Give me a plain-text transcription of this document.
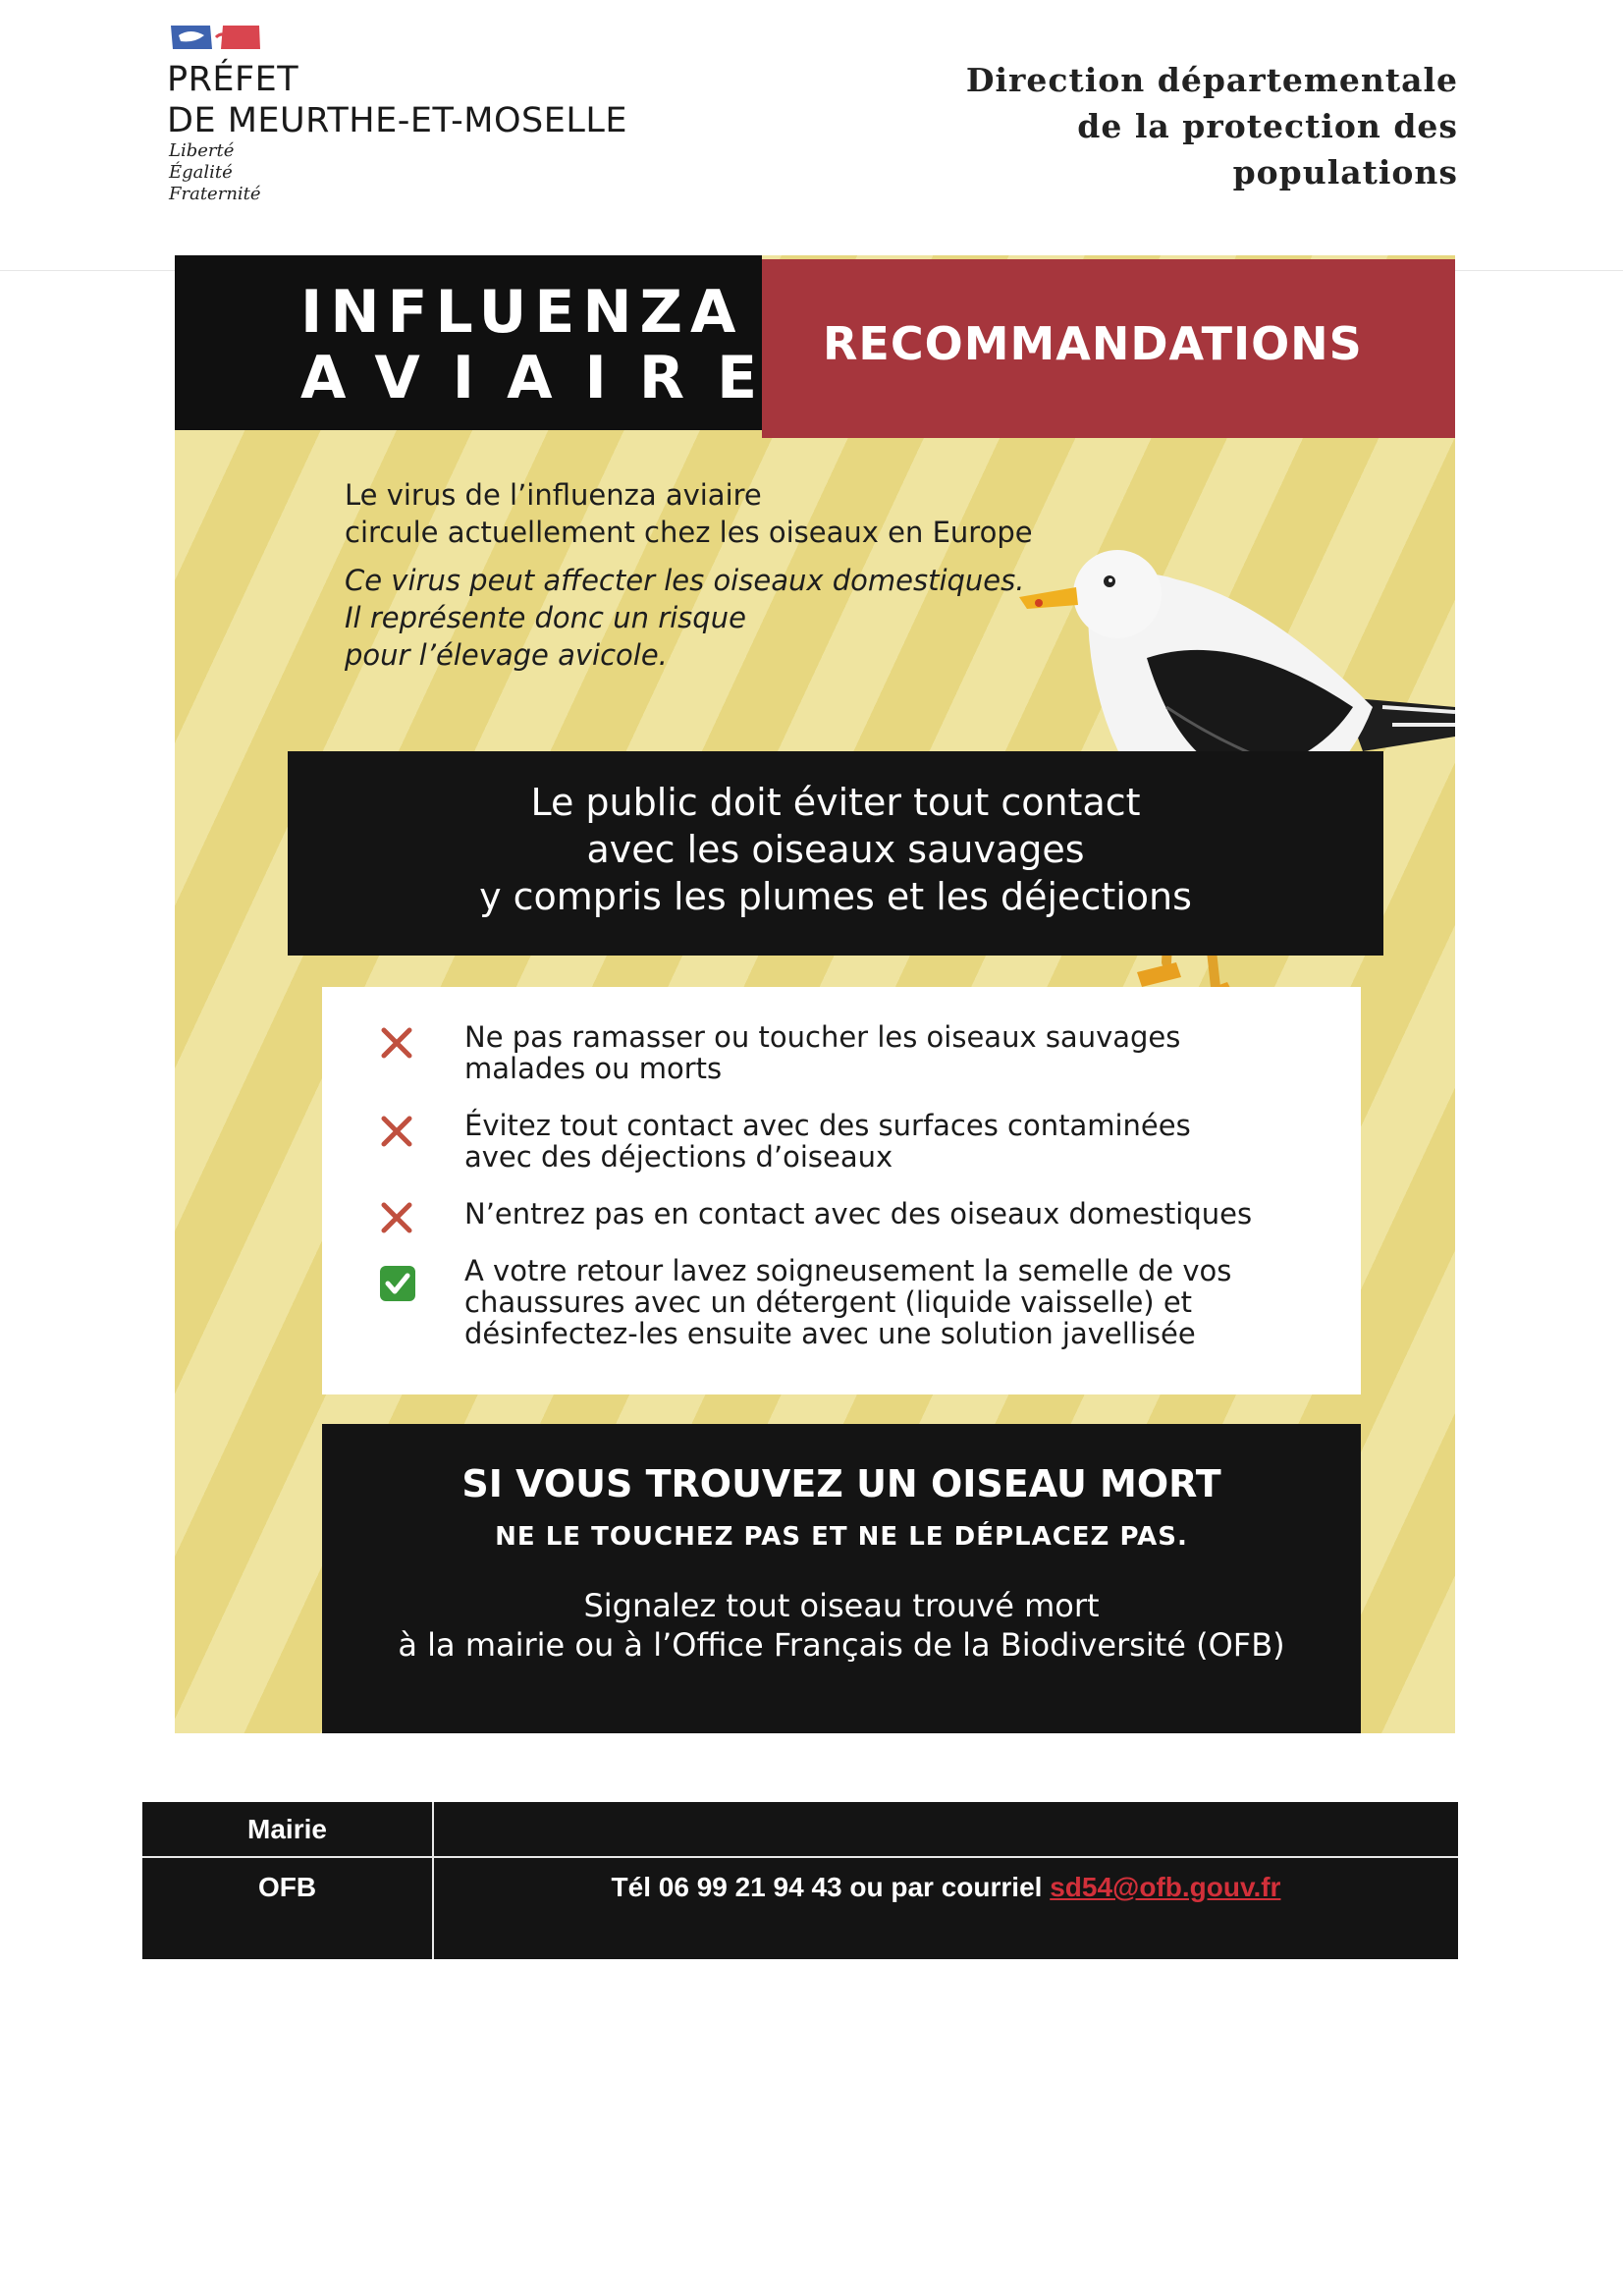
PRÉFET
DE MEURTHE-ET-MOSELLE
Liberté
Égalité
Fraternité
Direction départementale
de la protection des
populations
INFLUENZA
AVIAIRE RECOMMANDATIONS
Le virus de l’influenza aviaire
circule actuellement chez les oiseaux en Europe
Ce virus peut affecter les oiseaux domestiques.
Il représente donc un risque
pour l’élevage avicole.
Le public doit éviter tout contact
avec les oiseaux sauvages
y compris les plumes et les déjections
Ne pas ramasser ou toucher les oiseaux sauvages
malades ou morts
Évitez tout contact avec des surfaces contaminées
avec des déjections d’oiseaux
N’entrez pas en contact avec des oiseaux domestiques
A votre retour lavez soigneusement la semelle de vos
chaussures avec un détergent (liquide vaisselle) et
désinfectez-les ensuite avec une solution javellisée
SI VOUS TROUVEZ UN OISEAU MORT
NE LE TOUCHEZ PAS ET NE LE DÉPLACEZ PAS.
Signalez tout oiseau trouvé mort
à la mairie ou à l’Office Français de la Biodiversité (OFB)
Mairie
OFB	Tél 06 99 21 94 43 ou par courriel sd54@ofb.gouv.fr
